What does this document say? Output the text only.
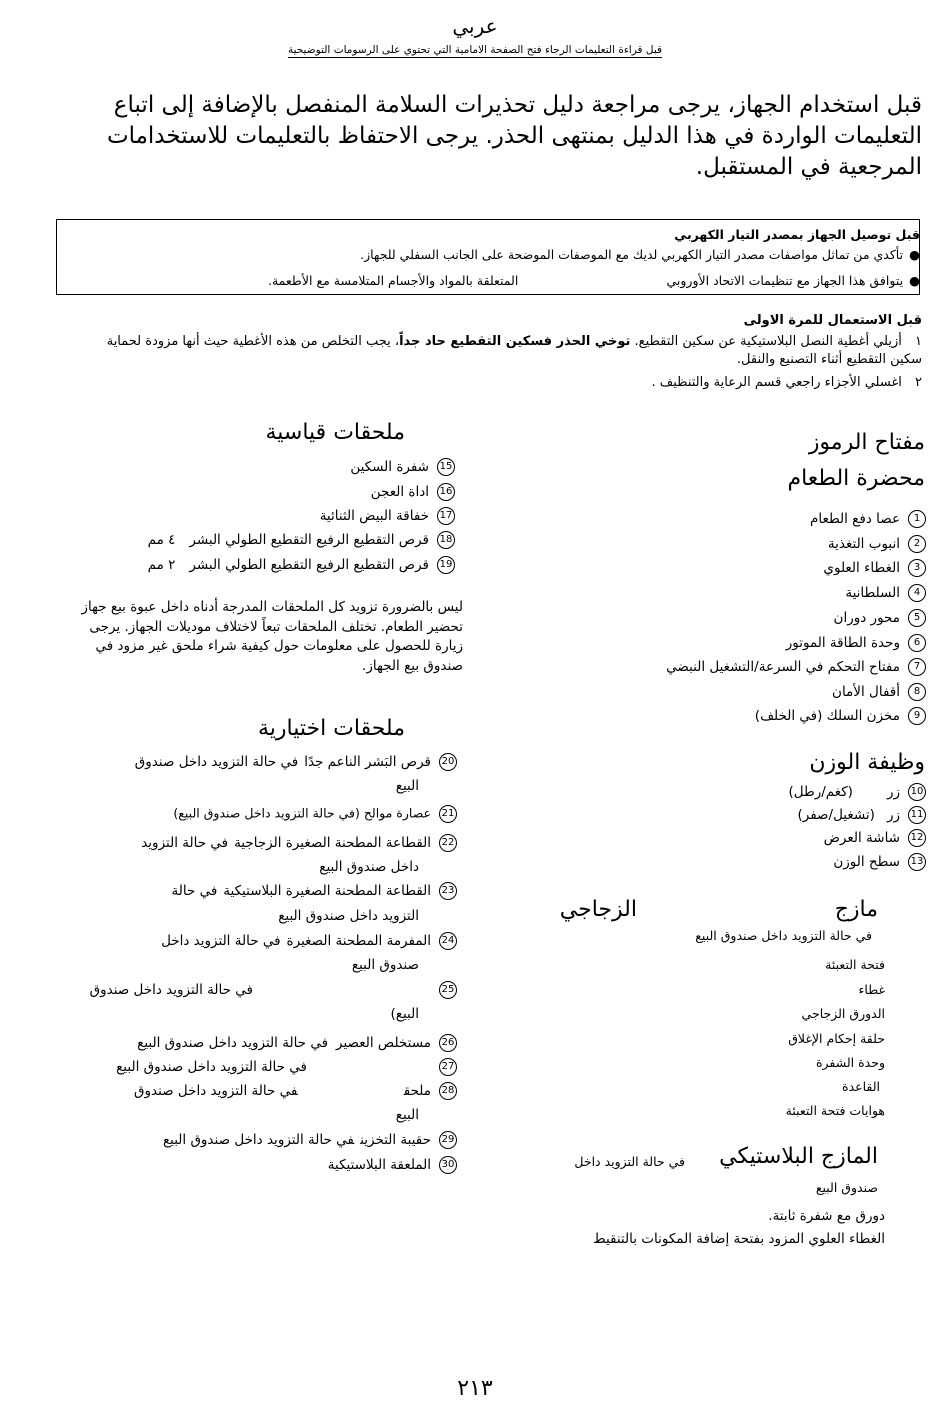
عربي
قبل قراءة التعليمات الرجاء فتح الصفحة الامامية التي تحتوي على الرسومات التوضيحية
قبل استخدام الجهاز، يرجى مراجعة دليل تحذيرات السلامة المنفصل بالإضافة إلى اتباع التعليمات الواردة في هذا الدليل بمنتهى الحذر. يرجى الاحتفاظ بالتعليمات للاستخدامات المرجعية في المستقبل.
قبل توصيل الجهاز بمصدر التيار الكهربي
●تأكدي من تماثل مواصفات مصدر التيار الكهربي لديك مع الموصفات الموضحة على الجانب السفلي للجهاز.
●يتوافق هذا الجهاز مع تنظيمات الاتحاد الأوروبي
المتعلقة بالمواد والأجسام المتلامسة مع الأطعمة.
قبل الاستعمال للمرة الاولى
١ أزيلي أغطية النصل البلاستيكية عن سكين التقطيع. توخي الحذر فسكين التقطيع حاد جداً، يجب التخلص من هذه الأغطية حيث أنها مزودة لحماية سكين التقطيع أثناء التصنيع والنقل.
٢ اغسلي الأجزاء راجعي قسم الرعاية والتنظيف .
مفتاح الرموز
محضرة الطعام
1عصا دفع الطعام
2انبوب التغذية
3الغطاء العلوي
4السلطانية
5محور دوران
6وحدة الطاقة الموتور
7مفتاح التحكم في السرعة/التشغيل النبضي
8أقفال الأمان
9مخزن السلك (في الخلف)
وظيفة الوزن
10زر(كغم/رطل)
11زر(تشغيل/صفر)
12شاشة العرض
13سطح الوزن
مازج
الزجاجي
في حالة التزويد داخل صندوق البيع
فتحة التعبئة
غطاء
الدورق الزجاجي
حلقة إحكام الإغلاق
وحدة الشفرة
القاعدة
هوايات فتحة التعبئة
المازج البلاستيكي
في حالة التزويد داخل
صندوق البيع
دورق مع شفرة ثابتة.
الغطاء العلوي المزود بفتحة إضافة المكونات بالتنقيط
ملحقات قياسية
15شفرة السكين
16اداة العجن
17خفاقة البيض الثنائية
18قرص التقطيع الرفيع التقطيع الطولي البشر٤ مم
19قرص التقطيع الرفيع التقطيع الطولي البشر٢ مم
ليس بالضرورة تزويد كل الملحقات المدرجة أدناه داخل عبوة بيع جهاز تحضير الطعام. تختلف الملحقات تبعاً لاختلاف موديلات الجهاز. يرجى زيارة للحصول على معلومات حول كيفية شراء ملحق غير مزود في صندوق بيع الجهاز.
ملحقات اختيارية
20قرص البَشر الناعم جدًافي حالة التزويد داخل صندوق
البيع
21عصارة موالح (في حالة التزويد داخل صندوق البيع)
22القطاعة المطحنة الصغيرة الزجاجيةفي حالة التزويد
داخل صندوق البيع
23القطاعة المطحنة الصغيرة البلاستيكيةفي حالة
التزويد داخل صندوق البيع
24المفرمة المطحنة الصغيرةفي حالة التزويد داخل
صندوق البيع
25في حالة التزويد داخل صندوق
البيع)
26مستخلص العصيرفي حالة التزويد داخل صندوق البيع
27في حالة التزويد داخل صندوق البيع
28ملحقفي حالة التزويد داخل صندوق
البيع
29حقيبة التخزينفي حالة التزويد داخل صندوق البيع
30الملعقة البلاستيكية
٢١٣
